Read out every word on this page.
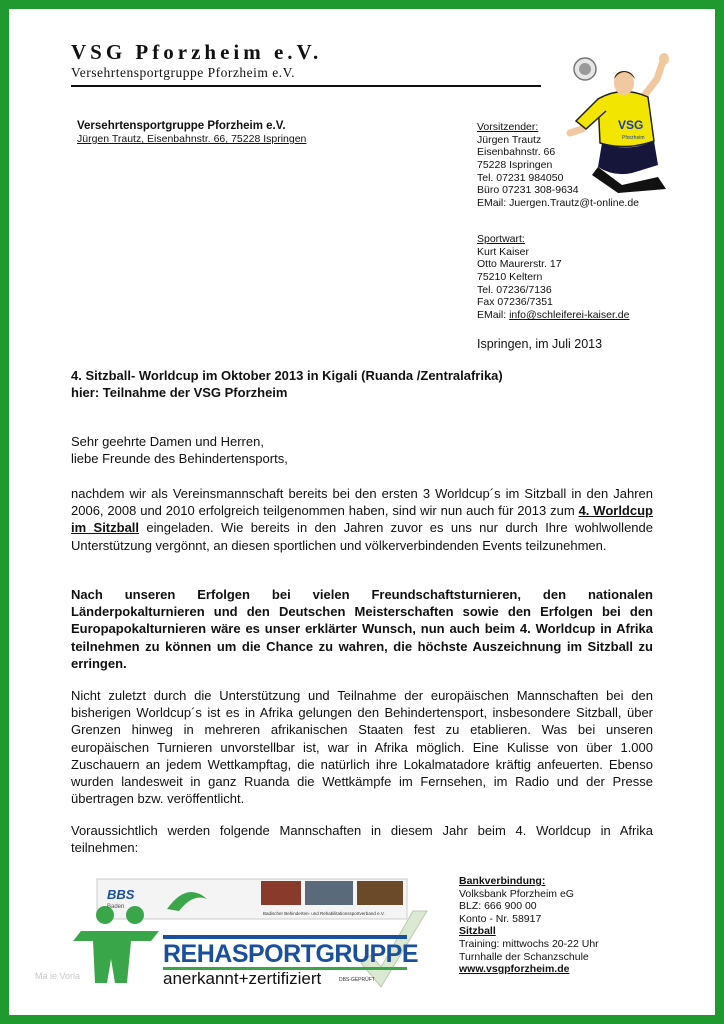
VSG Pforzheim e.V.
Versehrtensportgruppe Pforzheim e.V.
VSG
Pforzheim
Versehrtensportgruppe Pforzheim e.V.
Jürgen Trautz, Eisenbahnstr. 66, 75228 Ispringen
Vorsitzender:
Jürgen Trautz
Eisenbahnstr. 66
75228 Ispringen
Tel. 07231 984050
Büro 07231 308-9634
EMail: Juergen.Trautz@t-online.de
Sportwart:
Kurt Kaiser
Otto Maurerstr. 17
75210 Keltern
Tel. 07236/7136
Fax 07236/7351
EMail: info@schleiferei-kaiser.de
Ispringen, im Juli 2013
4. Sitzball- Worldcup im Oktober 2013 in Kigali (Ruanda /Zentralafrika)
hier: Teilnahme der VSG Pforzheim
Sehr geehrte Damen und Herren,
liebe Freunde des Behindertensports,
nachdem wir als Vereinsmannschaft bereits bei den ersten 3 Worldcup´s im Sitzball in den Jahren 2006, 2008 und 2010 erfolgreich teilgenommen haben, sind wir nun auch für 2013 zum 4. Worldcup im Sitzball eingeladen. Wie bereits in den Jahren zuvor es uns nur durch Ihre wohlwollende Unterstützung vergönnt, an diesen sportlichen und völkerverbindenden Events teilzunehmen.
Nach unseren Erfolgen bei vielen Freundschaftsturnieren, den nationalen Länderpokalturnieren und den Deutschen Meisterschaften sowie den Erfolgen bei den Europapokalturnieren wäre es unser erklärter Wunsch, nun auch beim 4. Worldcup in Afrika teilnehmen zu können um die Chance zu wahren, die höchste Auszeichnung im Sitzball zu erringen.
Nicht zuletzt durch die Unterstützung und Teilnahme der europäischen Mannschaften bei den bisherigen Worldcup´s ist es in Afrika gelungen den Behindertensport, insbesondere Sitzball, über Grenzen hinweg in mehreren afrikanischen Staaten fest zu etablieren. Was bei unseren europäischen Turnieren unvorstellbar ist, war in Afrika möglich. Eine Kulisse von über 1.000 Zuschauern an jedem Wettkampftag, die natürlich ihre Lokalmatadore kräftig anfeuerten. Ebenso wurden landesweit in ganz Ruanda die Wettkämpfe im Fernsehen, im Radio und der Presse übertragen bzw. veröffentlicht.
Voraussichtlich werden folgende Mannschaften in diesem Jahr beim 4. Worldcup in Afrika teilnehmen:
BBS
Baden
Badischer Behinderten- und Rehabilitationssportverband e.V.
REHASPORTGRUPPE
anerkannt+zertifiziert	DBS-GEPRÜFT
Bankverbindung:
Volksbank Pforzheim eG
BLZ: 666 900 00
Konto - Nr. 58917
Sitzball
Training: mittwochs 20-22 Uhr
Turnhalle der Schanzschule
www.vsgpforzheim.de
Ma ie Vorla
